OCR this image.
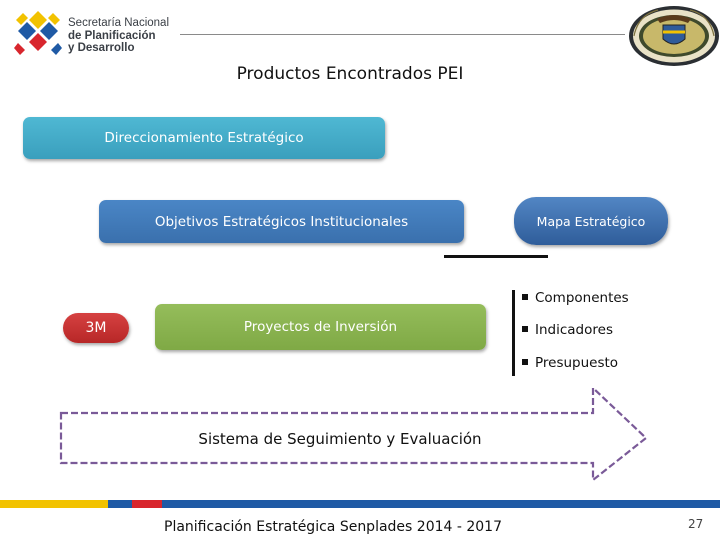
Secretaría Nacional
de Planificación
y Desarrollo
Productos Encontrados PEI
Direccionamiento Estratégico
Objetivos Estratégicos Institucionales	Mapa Estratégico
3M	Proyectos de Inversión
Componentes
Indicadores
Presupuesto
Sistema de Seguimiento y Evaluación
Planificación Estratégica Senplades 2014 - 2017	27
